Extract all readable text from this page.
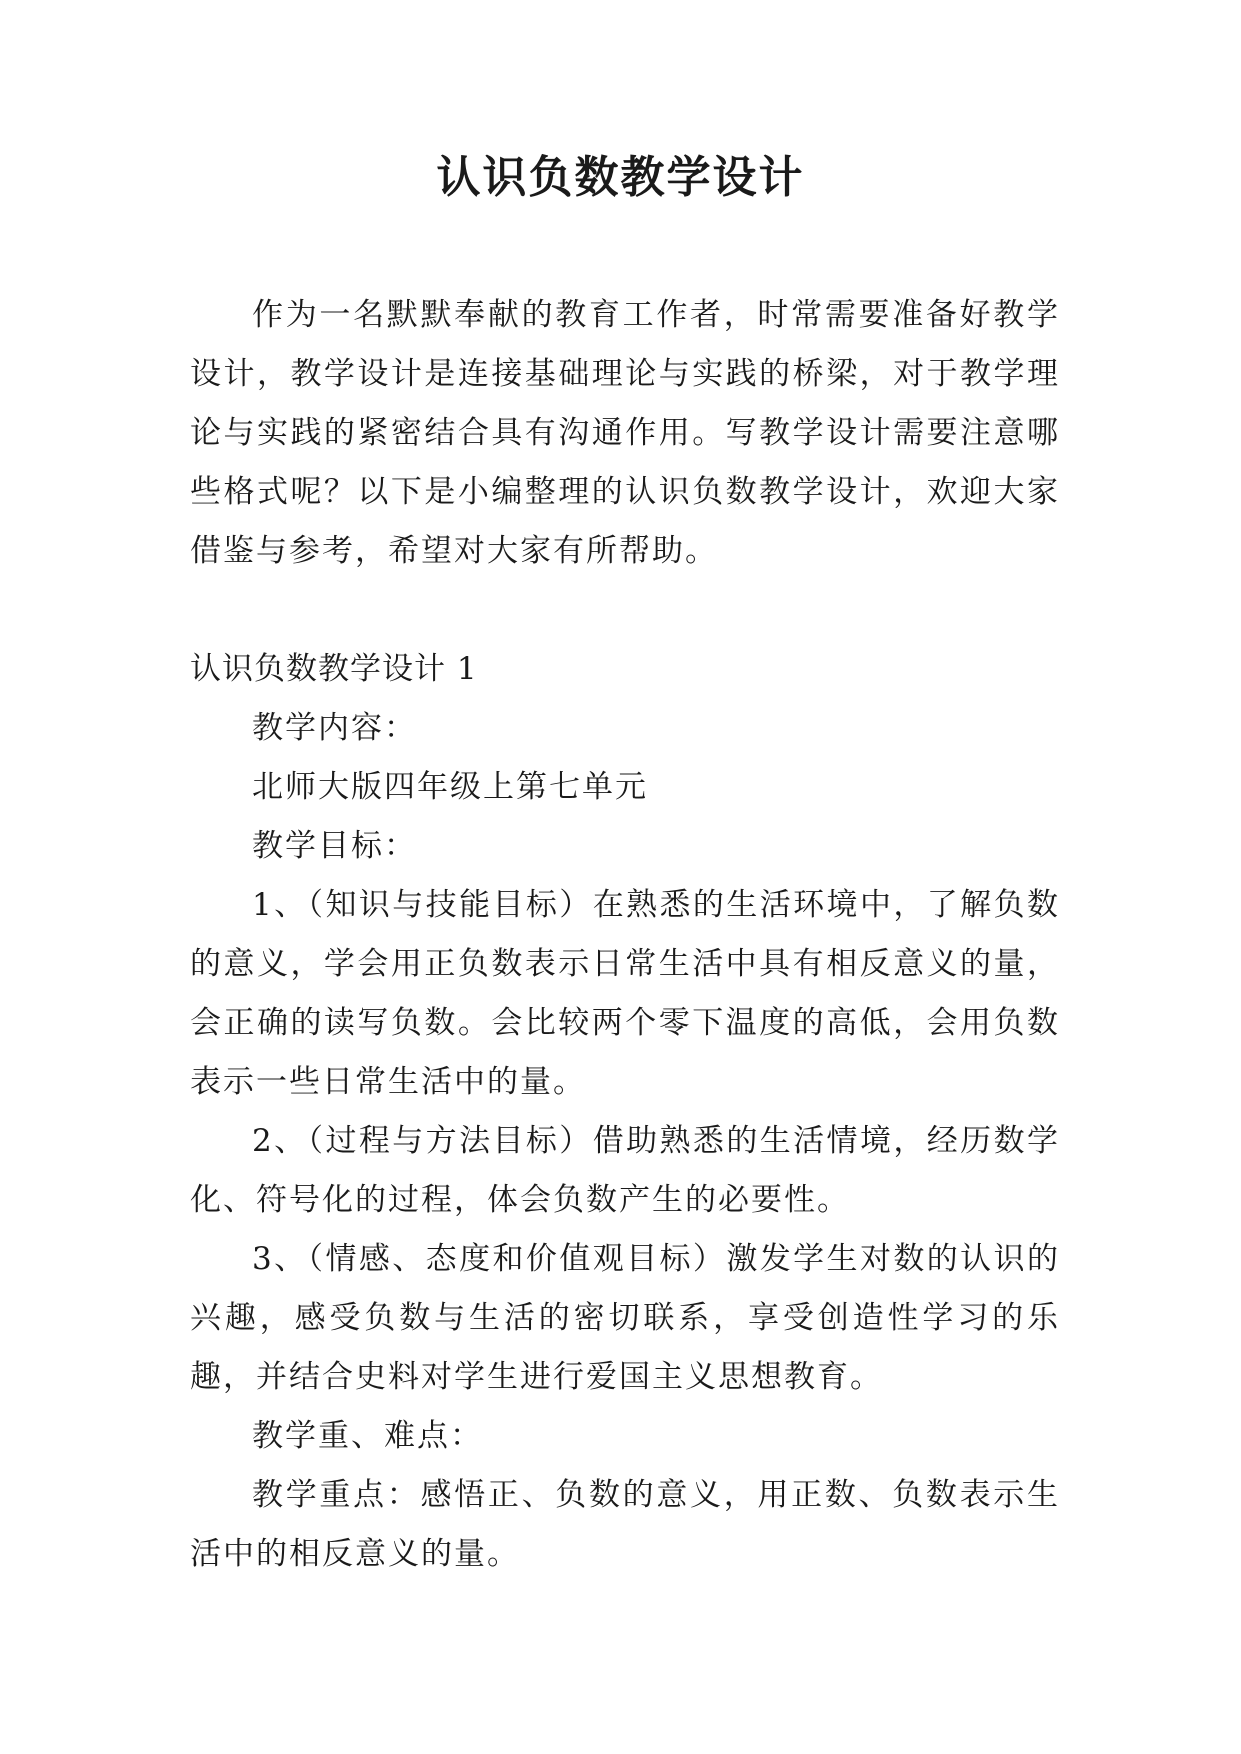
认识负数教学设计

作为一名默默奉献的教育工作者，时常需要准备好教学设计，教学设计是连接基础理论与实践的桥梁，对于教学理论与实践的紧密结合具有沟通作用。写教学设计需要注意哪些格式呢？以下是小编整理的认识负数教学设计，欢迎大家借鉴与参考，希望对大家有所帮助。

认识负数教学设计 1

教学内容：

北师大版四年级上第七单元

教学目标：

1、（知识与技能目标）在熟悉的生活环境中，了解负数的意义，学会用正负数表示日常生活中具有相反意义的量，会正确的读写负数。会比较两个零下温度的高低，会用负数表示一些日常生活中的量。

2、（过程与方法目标）借助熟悉的生活情境，经历数学化、符号化的过程，体会负数产生的必要性。

3、（情感、态度和价值观目标）激发学生对数的认识的兴趣，感受负数与生活的密切联系，享受创造性学习的乐趣，并结合史料对学生进行爱国主义思想教育。

教学重、难点：

教学重点：感悟正、负数的意义，用正数、负数表示生活中的相反意义的量。
